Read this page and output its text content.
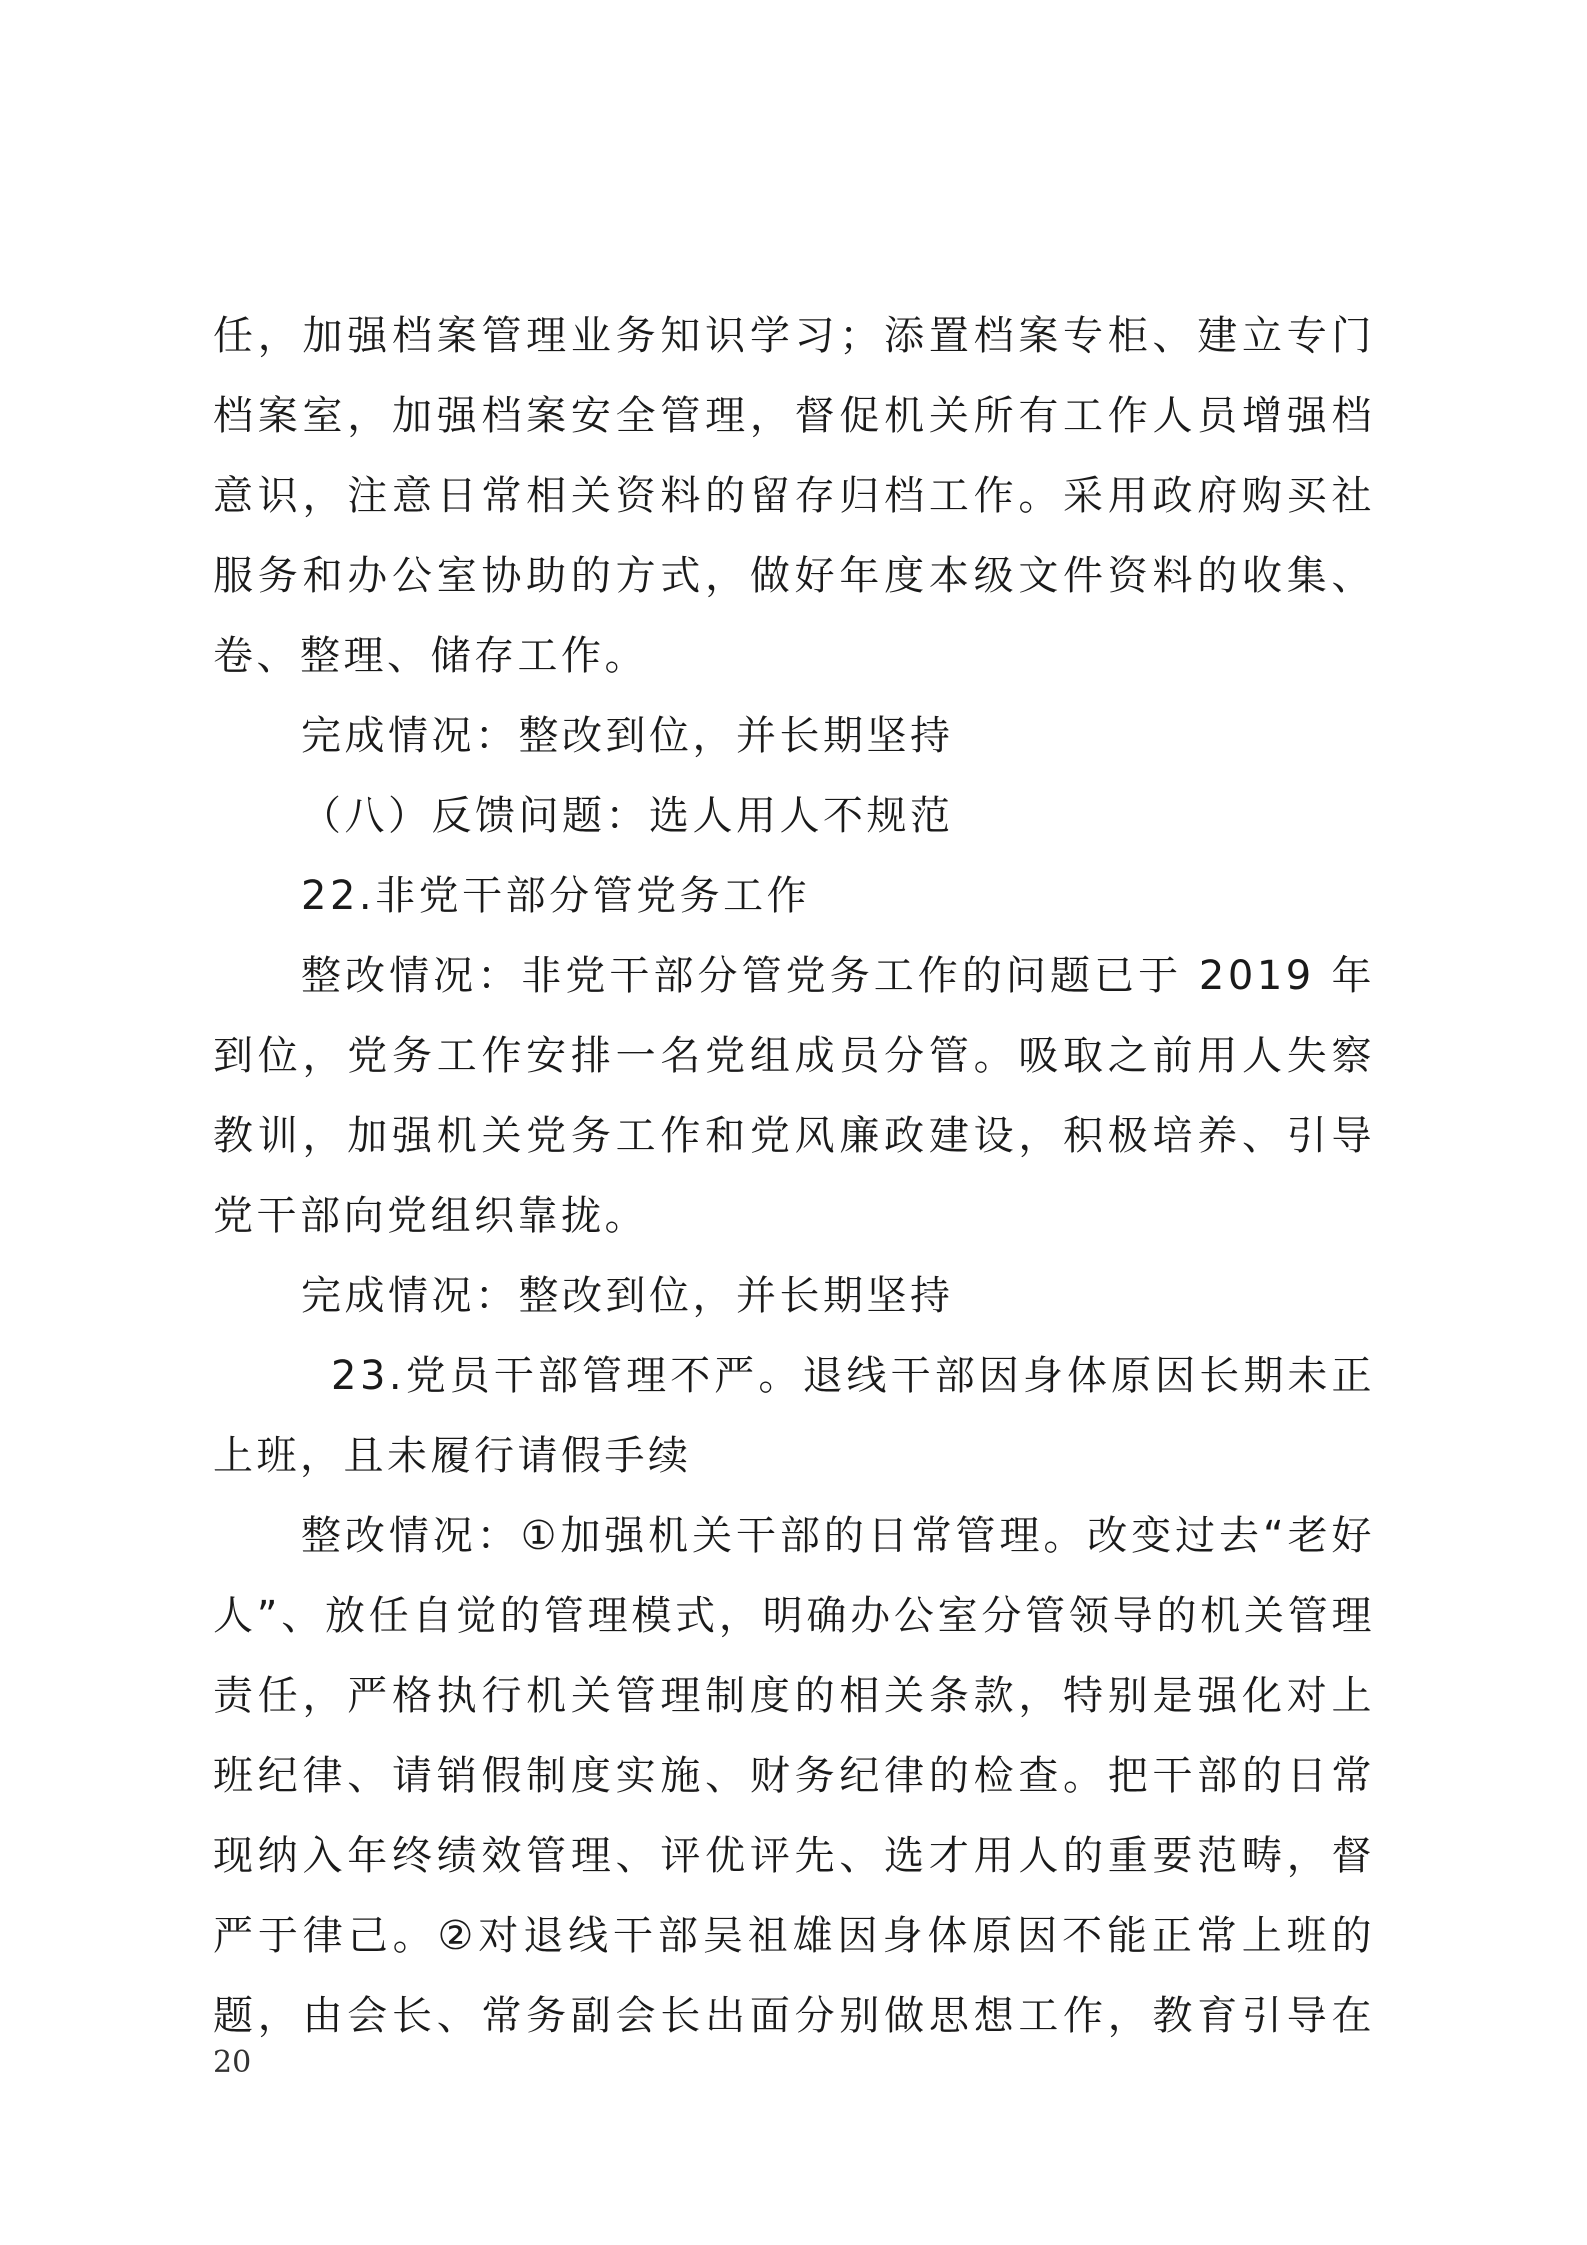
任，加强档案管理业务知识学习；添置档案专柜、建立专门
档案室，加强档案安全管理，督促机关所有工作人员增强档
意识，注意日常相关资料的留存归档工作。采用政府购买社
服务和办公室协助的方式，做好年度本级文件资料的收集、
卷、整理、储存工作。
完成情况：整改到位，并长期坚持
（八）反馈问题：选人用人不规范
22.非党干部分管党务工作
整改情况：非党干部分管党务工作的问题已于 2019 年
到位，党务工作安排一名党组成员分管。吸取之前用人失察
教训，加强机关党务工作和党风廉政建设，积极培养、引导
党干部向党组织靠拢。
完成情况：整改到位，并长期坚持
23.党员干部管理不严。退线干部因身体原因长期未正
上班，且未履行请假手续
整改情况：①加强机关干部的日常管理。改变过去“老好
人”、放任自觉的管理模式，明确办公室分管领导的机关管理
责任，严格执行机关管理制度的相关条款，特别是强化对上
班纪律、请销假制度实施、财务纪律的检查。把干部的日常
现纳入年终绩效管理、评优评先、选才用人的重要范畴，督
严于律己。②对退线干部吴祖雄因身体原因不能正常上班的
题，由会长、常务副会长出面分别做思想工作，教育引导在
20
